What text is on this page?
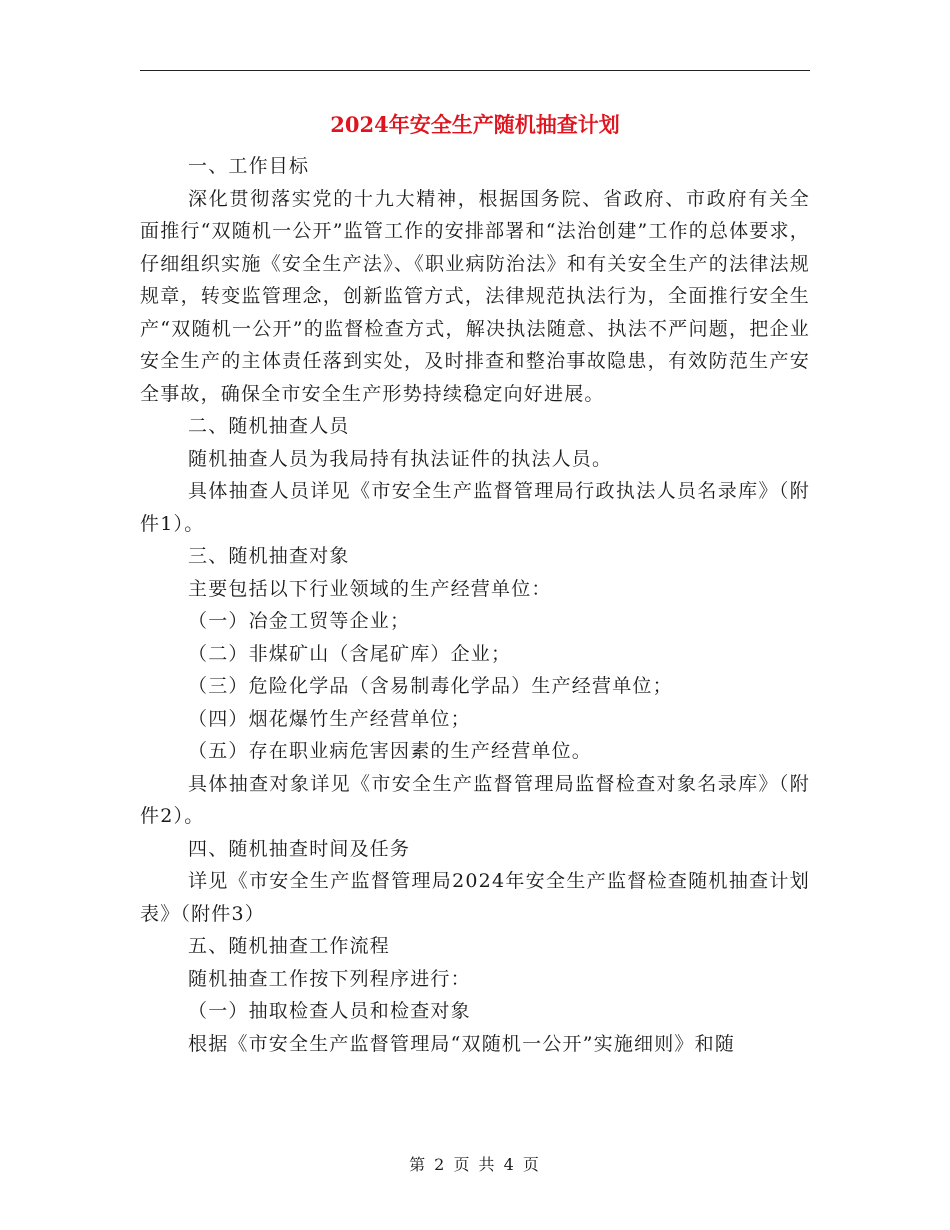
2024年安全生产随机抽查计划

一、工作目标

深化贯彻落实党的十九大精神，根据国务院、省政府、市政府有关全面推行“双随机一公开”监管工作的安排部署和“法治创建”工作的总体要求，仔细组织实施《安全生产法》、《职业病防治法》和有关安全生产的法律法规规章，转变监管理念，创新监管方式，法律规范执法行为，全面推行安全生产“双随机一公开”的监督检查方式，解决执法随意、执法不严问题，把企业安全生产的主体责任落到实处，及时排查和整治事故隐患，有效防范生产安全事故，确保全市安全生产形势持续稳定向好进展。

二、随机抽查人员

随机抽查人员为我局持有执法证件的执法人员。

具体抽查人员详见《市安全生产监督管理局行政执法人员名录库》（附件1）。

三、随机抽查对象

主要包括以下行业领域的生产经营单位：

（一）冶金工贸等企业；

（二）非煤矿山（含尾矿库）企业；

（三）危险化学品（含易制毒化学品）生产经营单位；

（四）烟花爆竹生产经营单位；

（五）存在职业病危害因素的生产经营单位。

具体抽查对象详见《市安全生产监督管理局监督检查对象名录库》（附件2）。

四、随机抽查时间及任务

详见《市安全生产监督管理局2024年安全生产监督检查随机抽查计划表》（附件3）

五、随机抽查工作流程

随机抽查工作按下列程序进行：

（一）抽取检查人员和检查对象

根据《市安全生产监督管理局“双随机一公开”实施细则》和随

第 2 页 共 4 页
